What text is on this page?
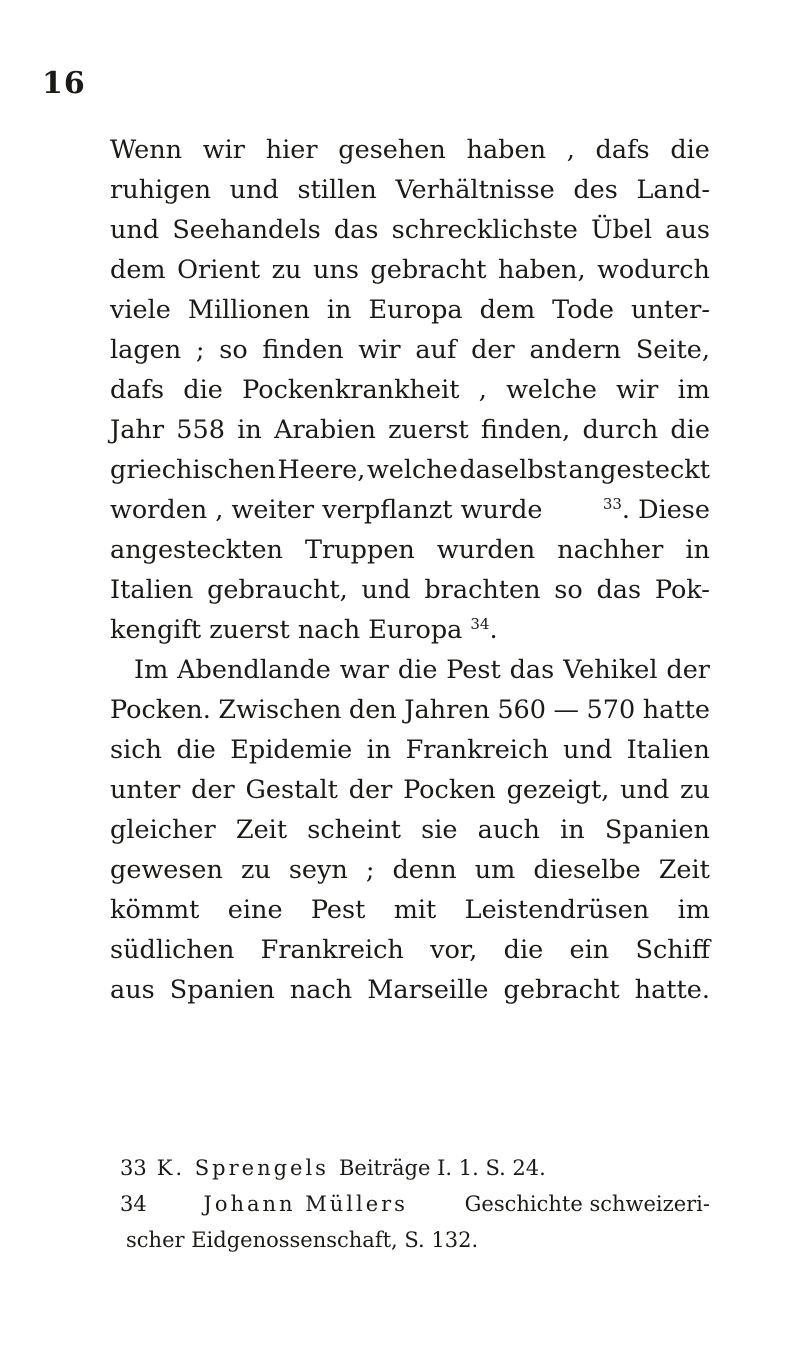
16
Wenn wir hier gesehen haben , dafs die
ruhigen und stillen Verhältnisse des Land-
und Seehandels das schrecklichste Übel aus
dem Orient zu uns gebracht haben, wodurch
viele Millionen in Europa dem Tode unter-
lagen ; so finden wir auf der andern Seite,
dafs die Pockenkrankheit , welche wir im
Jahr 558 in Arabien zuerst finden, durch die
griechischen Heere, welche daselbst angesteckt
worden , weiter verpflanzt wurde	$^{33}$. Diese
angesteckten Truppen wurden nachher in
Italien gebraucht, und brachten so das Pok-
kengift zuerst nach Europa $^{34}$.
Im Abendlande war die Pest das Vehikel der
Pocken. Zwischen den Jahren 560 — 570 hatte
sich die Epidemie in Frankreich und Italien
unter der Gestalt der Pocken gezeigt, und zu
gleicher Zeit scheint sie auch in Spanien
gewesen zu seyn ; denn um dieselbe Zeit
kömmt eine Pest mit Leistendrüsen im
südlichen Frankreich vor, die ein Schiff
aus Spanien nach Marseille gebracht hatte.
33 K. Sprengels Beiträge I. 1. S. 24.
34	Johann Müllers	Geschichte schweizeri-
scher Eidgenossenschaft, S. 132.
